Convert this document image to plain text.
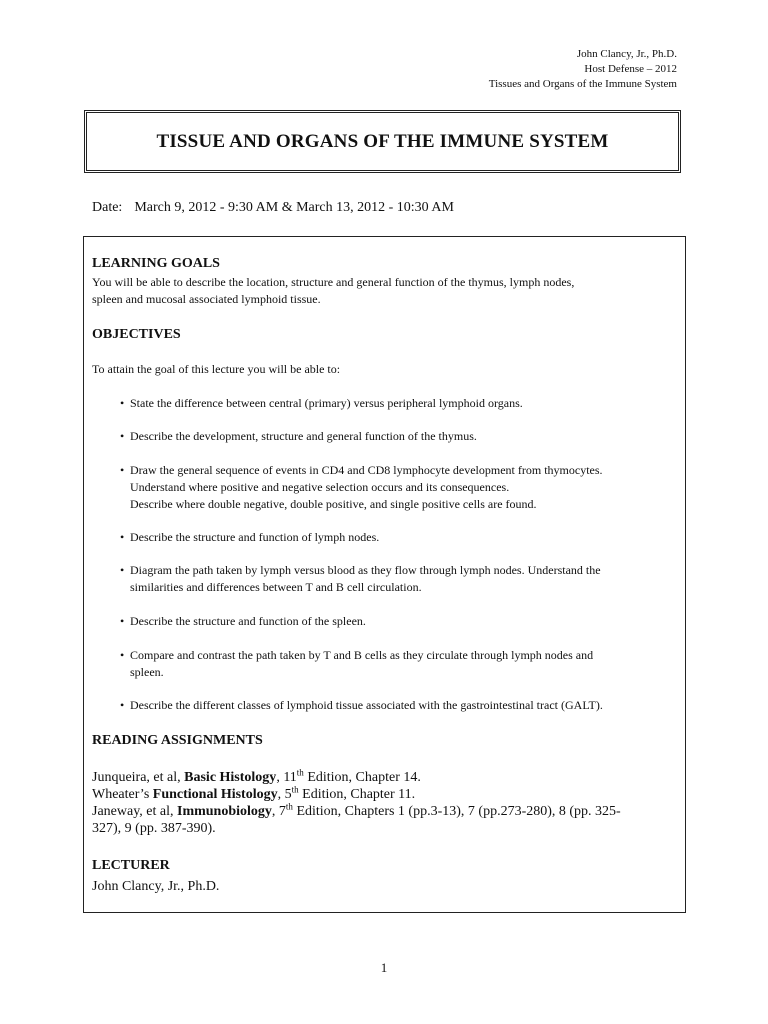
John Clancy, Jr., Ph.D.
Host Defense – 2012
Tissues and Organs of the Immune System
TISSUE AND ORGANS OF THE IMMUNE SYSTEM
Date: March 9, 2012 - 9:30 AM & March 13, 2012 - 10:30 AM
LEARNING GOALS
You will be able to describe the location, structure and general function of the thymus, lymph nodes,
spleen and mucosal associated lymphoid tissue.
OBJECTIVES
To attain the goal of this lecture you will be able to:
• State the difference between central (primary) versus peripheral lymphoid organs.
• Describe the development, structure and general function of the thymus.
• Draw the general sequence of events in CD4 and CD8 lymphocyte development from thymocytes.
Understand where positive and negative selection occurs and its consequences.
Describe where double negative, double positive, and single positive cells are found.
• Describe the structure and function of lymph nodes.
• Diagram the path taken by lymph versus blood as they flow through lymph nodes. Understand the
similarities and differences between T and B cell circulation.
• Describe the structure and function of the spleen.
• Compare and contrast the path taken by T and B cells as they circulate through lymph nodes and
spleen.
• Describe the different classes of lymphoid tissue associated with the gastrointestinal tract (GALT).
READING ASSIGNMENTS
Junqueira, et al, Basic Histology, 11th Edition, Chapter 14.
Wheater’s Functional Histology, 5th Edition, Chapter 11.
Janeway, et al, Immunobiology, 7th Edition, Chapters 1 (pp.3-13), 7 (pp.273-280), 8 (pp. 325-
327), 9 (pp. 387-390).
LECTURER
John Clancy, Jr., Ph.D.
1
